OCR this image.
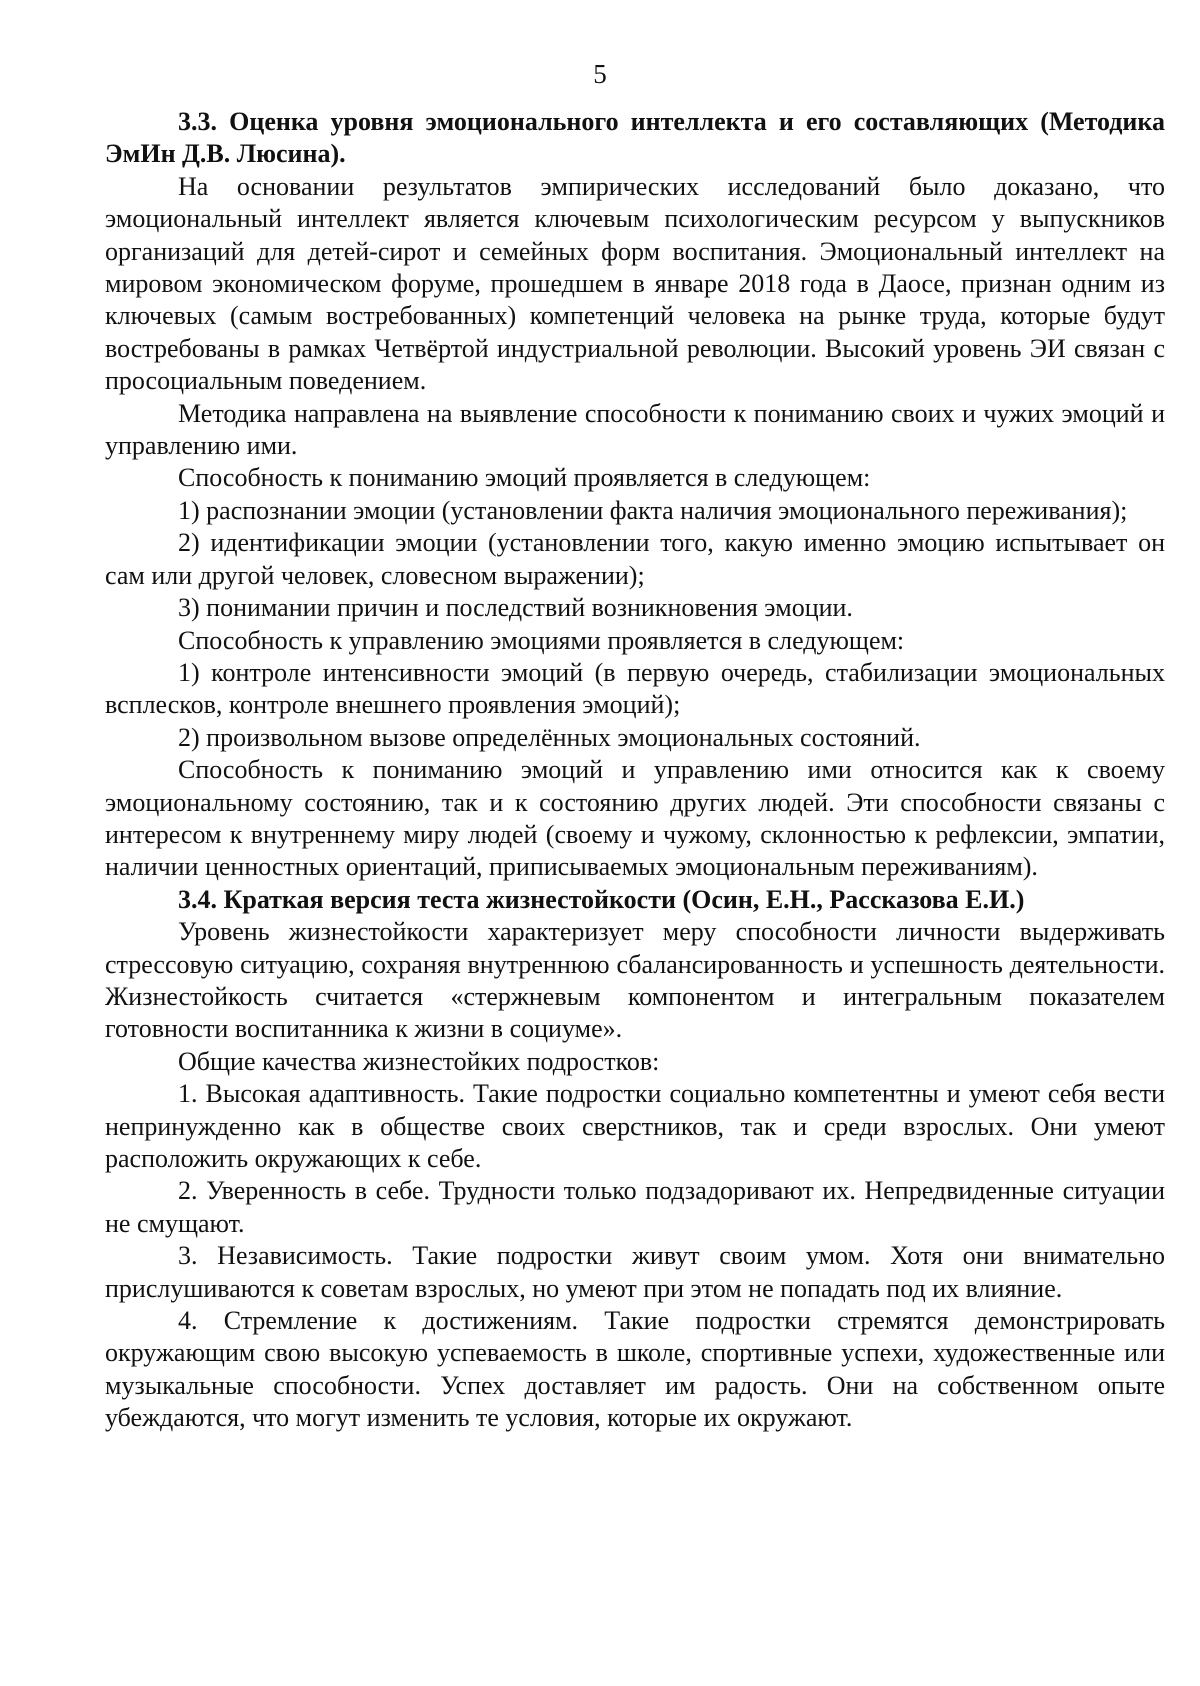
5

3.3. Оценка уровня эмоционального интеллекта и его составляющих (Методика ЭмИн Д.В. Люсина).

На основании результатов эмпирических исследований было доказано, что эмоциональный интеллект является ключевым психологическим ресурсом у выпускников организаций для детей-сирот и семейных форм воспитания. Эмоциональный интеллект на мировом экономическом форуме, прошедшем в январе 2018 года в Даосе, признан одним из ключевых (самым востребованных) компетенций человека на рынке труда, которые будут востребованы в рамках Четвёртой индустриальной революции. Высокий уровень ЭИ связан с просоциальным поведением.

Методика направлена на выявление способности к пониманию своих и чужих эмоций и управлению ими.

Способность к пониманию эмоций проявляется в следующем:

1) распознании эмоции (установлении факта наличия эмоционального переживания);

2) идентификации эмоции (установлении того, какую именно эмоцию испытывает он сам или другой человек, словесном выражении);

3) понимании причин и последствий возникновения эмоции.

Способность к управлению эмоциями проявляется в следующем:

1) контроле интенсивности эмоций (в первую очередь, стабилизации эмоциональных всплесков, контроле внешнего проявления эмоций);

2) произвольном вызове определённых эмоциональных состояний.

Способность к пониманию эмоций и управлению ими относится как к своему эмоциональному состоянию, так и к состоянию других людей. Эти способности связаны с интересом к внутреннему миру людей (своему и чужому, склонностью к рефлексии, эмпатии, наличии ценностных ориентаций, приписываемых эмоциональным переживаниям).

3.4. Краткая версия теста жизнестойкости (Осин, Е.Н., Рассказова Е.И.)

Уровень жизнестойкости характеризует меру способности личности выдерживать стрессовую ситуацию, сохраняя внутреннюю сбалансированность и успешность деятельности. Жизнестойкость считается «стержневым компонентом и интегральным показателем готовности воспитанника к жизни в социуме».

Общие качества жизнестойких подростков:

1. Высокая адаптивность. Такие подростки социально компетентны и умеют себя вести непринужденно как в обществе своих сверстников, так и среди взрослых. Они умеют расположить окружающих к себе.

2. Уверенность в себе. Трудности только подзадоривают их. Непредвиденные ситуации не смущают.

3. Независимость. Такие подростки живут своим умом. Хотя они внимательно прислушиваются к советам взрослых, но умеют при этом не попадать под их влияние.

4. Стремление к достижениям. Такие подростки стремятся демонстрировать окружающим свою высокую успеваемость в школе, спортивные успехи, художественные или музыкальные способности. Успех доставляет им радость. Они на собственном опыте убеждаются, что могут изменить те условия, которые их окружают.
